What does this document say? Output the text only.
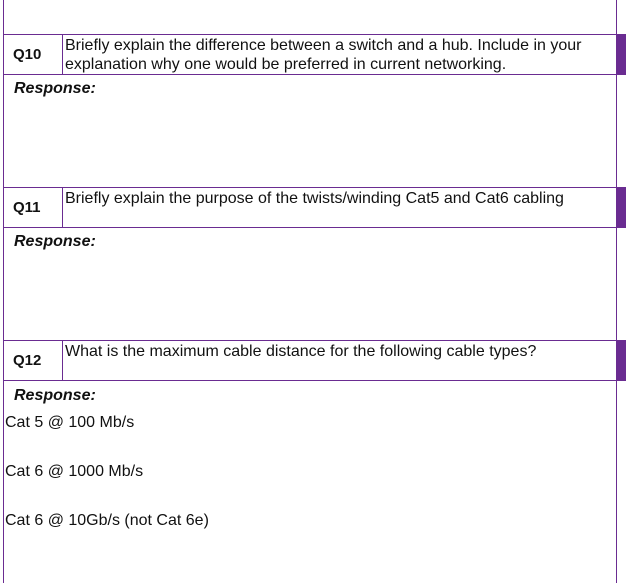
Q10
Briefly explain the difference between a switch and a hub. Include in your explanation why one would be preferred in current networking.
Response:
Q11
Briefly explain the purpose of the twists/winding Cat5 and Cat6 cabling
Response:
Q12
What is the maximum cable distance for the following cable types?
Response:
Cat 5 @ 100 Mb/s
Cat 6 @ 1000 Mb/s
Cat 6 @ 10Gb/s (not Cat 6e)
